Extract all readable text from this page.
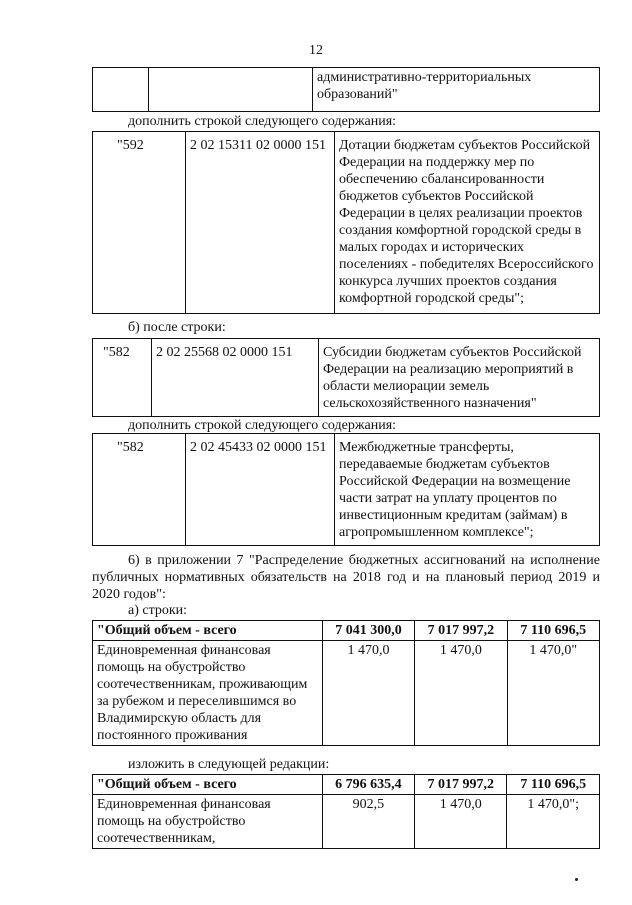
12
		административно-территориальных образований"
дополнить строкой следующего содержания:
"592	2 02 15311 02 0000 151	Дотации бюджетам субъектов Российской Федерации на поддержку мер по обеспечению сбалансированности бюджетов субъектов Российской Федерации в целях реализации проектов создания комфортной городской среды в малых городах и исторических поселениях - победителях Всероссийского конкурса лучших проектов создания комфортной городской среды";
б) после строки:
"582	2 02 25568 02 0000 151	Субсидии бюджетам субъектов Российской Федерации на реализацию мероприятий в области мелиорации земель сельскохозяйственного назначения"
дополнить строкой следующего содержания:
"582	2 02 45433 02 0000 151	Межбюджетные трансферты, передаваемые бюджетам субъектов Российской Федерации на возмещение части затрат на уплату процентов по инвестиционным кредитам (займам) в агропромышленном комплексе";
6) в приложении 7 "Распределение бюджетных ассигнований на исполнение публичных нормативных обязательств на 2018 год и на плановый период 2019 и 2020 годов":
а) строки:
"Общий объем - всего	7 041 300,0	7 017 997,2	7 110 696,5
Единовременная финансовая помощь на обустройство соотечественникам, проживающим за рубежом и переселившимся во Владимирскую область для постоянного проживания	1 470,0	1 470,0	1 470,0"
изложить в следующей редакции:
"Общий объем - всего	6 796 635,4	7 017 997,2	7 110 696,5
Единовременная финансовая помощь на обустройство соотечественникам,	902,5	1 470,0	1 470,0";
